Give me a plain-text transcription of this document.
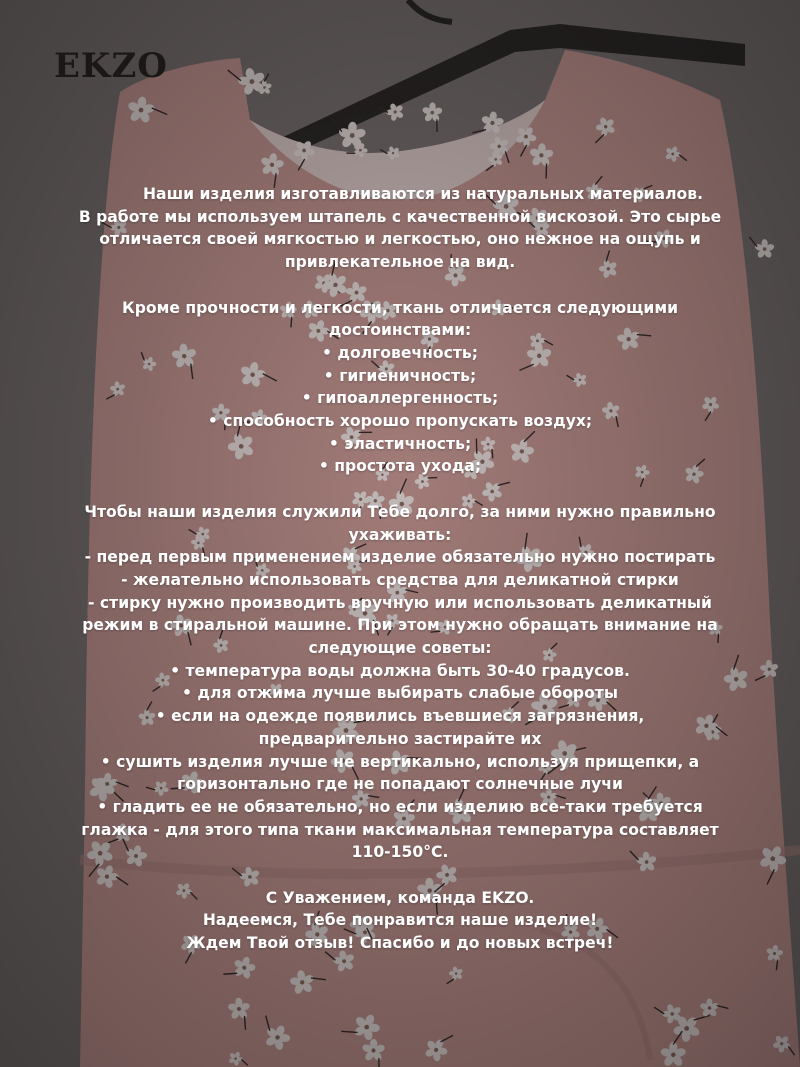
EKZO
Наши изделия изготавливаются из натуральных материалов.
В работе мы используем штапель с качественной вискозой. Это сырье
отличается своей мягкостью и легкостью, оно нежное на ощупь и
привлекательное на вид.
Кроме прочности и легкости, ткань отличается следующими
достоинствами:
• долговечность;
• гигиеничность;
• гипоаллергенность;
• способность хорошо пропускать воздух;
• эластичность;
• простота ухода;
Чтобы наши изделия служили Тебе долго, за ними нужно правильно
ухаживать:
- перед первым применением изделие обязательно нужно постирать
- желательно использовать средства для деликатной стирки
- стирку нужно производить вручную или использовать деликатный
режим в стиральной машине. При этом нужно обращать внимание на
следующие советы:
• температура воды должна быть 30-40 градусов.
• для отжима лучше выбирать слабые обороты
• если на одежде появились въевшиеся загрязнения,
предварительно застирайте их
• сушить изделия лучше не вертикально, используя прищепки, а
горизонтально где не попадают солнечные лучи
• гладить ее не обязательно, но если изделию все-таки требуется
глажка - для этого типа ткани максимальная температура составляет
110-150°С.
С Уважением, команда EKZO.
Надеемся, Тебе понравится наше изделие!
Ждем Твой отзыв! Спасибо и до новых встреч!
